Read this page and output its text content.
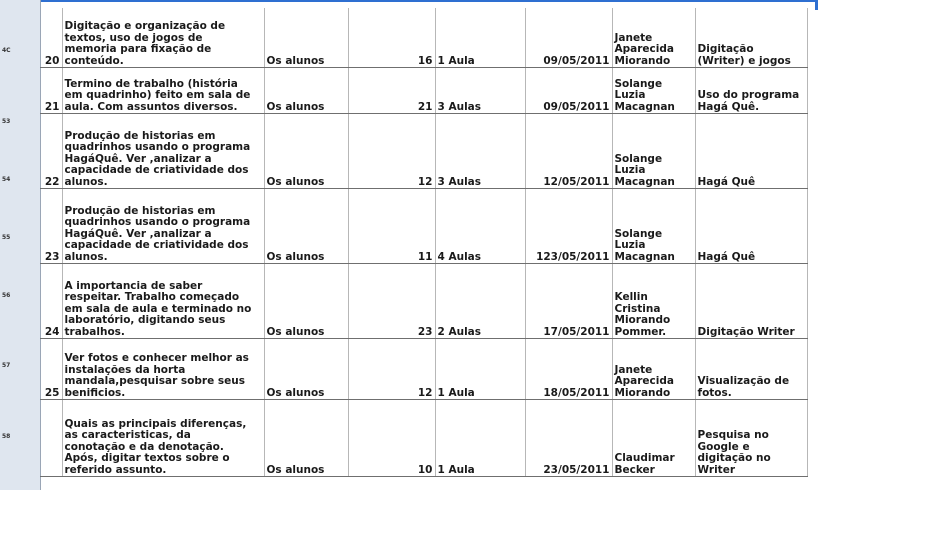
4C
53
54
55
56
57
58
20	Digitação e organização de
textos, uso de jogos de
memoria para fixação de
conteúdo.	Os alunos	16	1 Aula	09/05/2011	Janete
Aparecida
Miorando	Digitação
(Writer) e jogos
21	Termino de trabalho (história
em quadrinho) feito em sala de
aula. Com assuntos diversos.	Os alunos	21	3 Aulas	09/05/2011	Solange
Luzia
Macagnan	Uso do programa
Hagá Quê.
22	Produção de historias em
quadrinhos usando o programa
HagáQuê. Ver ,analizar a
capacidade de criatividade dos
alunos.	Os alunos	12	3 Aulas	12/05/2011	Solange
Luzia
Macagnan	Hagá Quê
23	Produção de historias em
quadrinhos usando o programa
HagáQuê. Ver ,analizar a
capacidade de criatividade dos
alunos.	Os alunos	11	4 Aulas	123/05/2011	Solange
Luzia
Macagnan	Hagá Quê
24	A importancia de saber
respeitar. Trabalho começado
em sala de aula e terminado no
laboratório, digitando seus
trabalhos.	Os alunos	23	2 Aulas	17/05/2011	Kellin
Cristina
Miorando
Pommer.	Digitação Writer
25	Ver fotos e conhecer melhor as
instalações da horta
mandala,pesquisar sobre seus
benificios.	Os alunos	12	1 Aula	18/05/2011	Janete
Aparecida
Miorando	Visualização de
fotos.
	Quais as principais diferenças,
as caracteristicas, da
conotação e da denotação.
Após, digitar textos sobre o
referido assunto.	Os alunos	10	1 Aula	23/05/2011	Claudimar
Becker	Pesquisa no
Google e
digitação no
Writer
